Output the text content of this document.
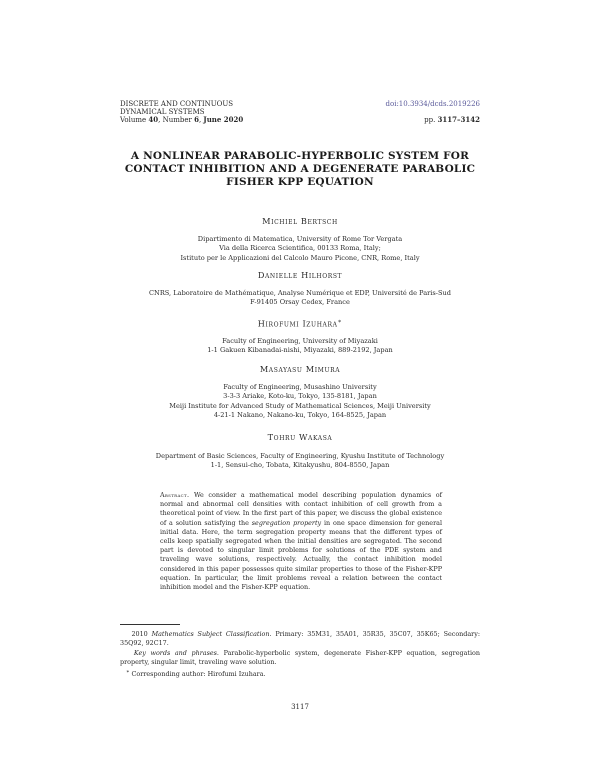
DISCRETE AND CONTINUOUS
DYNAMICAL SYSTEMS
Volume 40, Number 6, June 2020
doi:10.3934/dcds.2019226
pp. 3117–3142
A NONLINEAR PARABOLIC-HYPERBOLIC SYSTEM FOR
CONTACT INHIBITION AND A DEGENERATE PARABOLIC
FISHER KPP EQUATION
Michiel Bertsch
Dipartimento di Matematica, University of Rome Tor Vergata
Via della Ricerca Scientifica, 00133 Roma, Italy;
Istituto per le Applicazioni del Calcolo Mauro Picone, CNR, Rome, Italy
Danielle Hilhorst
CNRS, Laboratoire de Mathématique, Analyse Numérique et EDP, Université de Paris-Sud
F-91405 Orsay Cedex, France
Hirofumi Izuhara∗
Faculty of Engineering, University of Miyazaki
1-1 Gakuen Kibanadai-nishi, Miyazaki, 889-2192, Japan
Masayasu Mimura
Faculty of Engineering, Musashino University
3-3-3 Ariake, Koto-ku, Tokyo, 135-8181, Japan
Meiji Institute for Advanced Study of Mathematical Sciences, Meiji University
4-21-1 Nakano, Nakano-ku, Tokyo, 164-8525, Japan
Tohru Wakasa
Department of Basic Sciences, Faculty of Engineering, Kyushu Institute of Technology
1-1, Sensui-cho, Tobata, Kitakyushu, 804-8550, Japan
Abstract. We consider a mathematical model describing population dynamics of normal and abnormal cell densities with contact inhibition of cell growth from a theoretical point of view. In the first part of this paper, we discuss the global existence of a solution satisfying the segregation property in one space dimension for general initial data. Here, the term segregation property means that the different types of cells keep spatially segregated when the initial densities are segregated. The second part is devoted to singular limit problems for solutions of the PDE system and traveling wave solutions, respectively. Actually, the contact inhibition model considered in this paper possesses quite similar properties to those of the Fisher-KPP equation. In particular, the limit problems reveal a relation between the contact inhibition model and the Fisher-KPP equation.
2010 Mathematics Subject Classification. Primary: 35M31, 35A01, 35R35, 35C07, 35K65; Secondary: 35Q92, 92C17.
Key words and phrases. Parabolic-hyperbolic system, degenerate Fisher-KPP equation, segregation property, singular limit, traveling wave solution.
∗ Corresponding author: Hirofumi Izuhara.
3117
